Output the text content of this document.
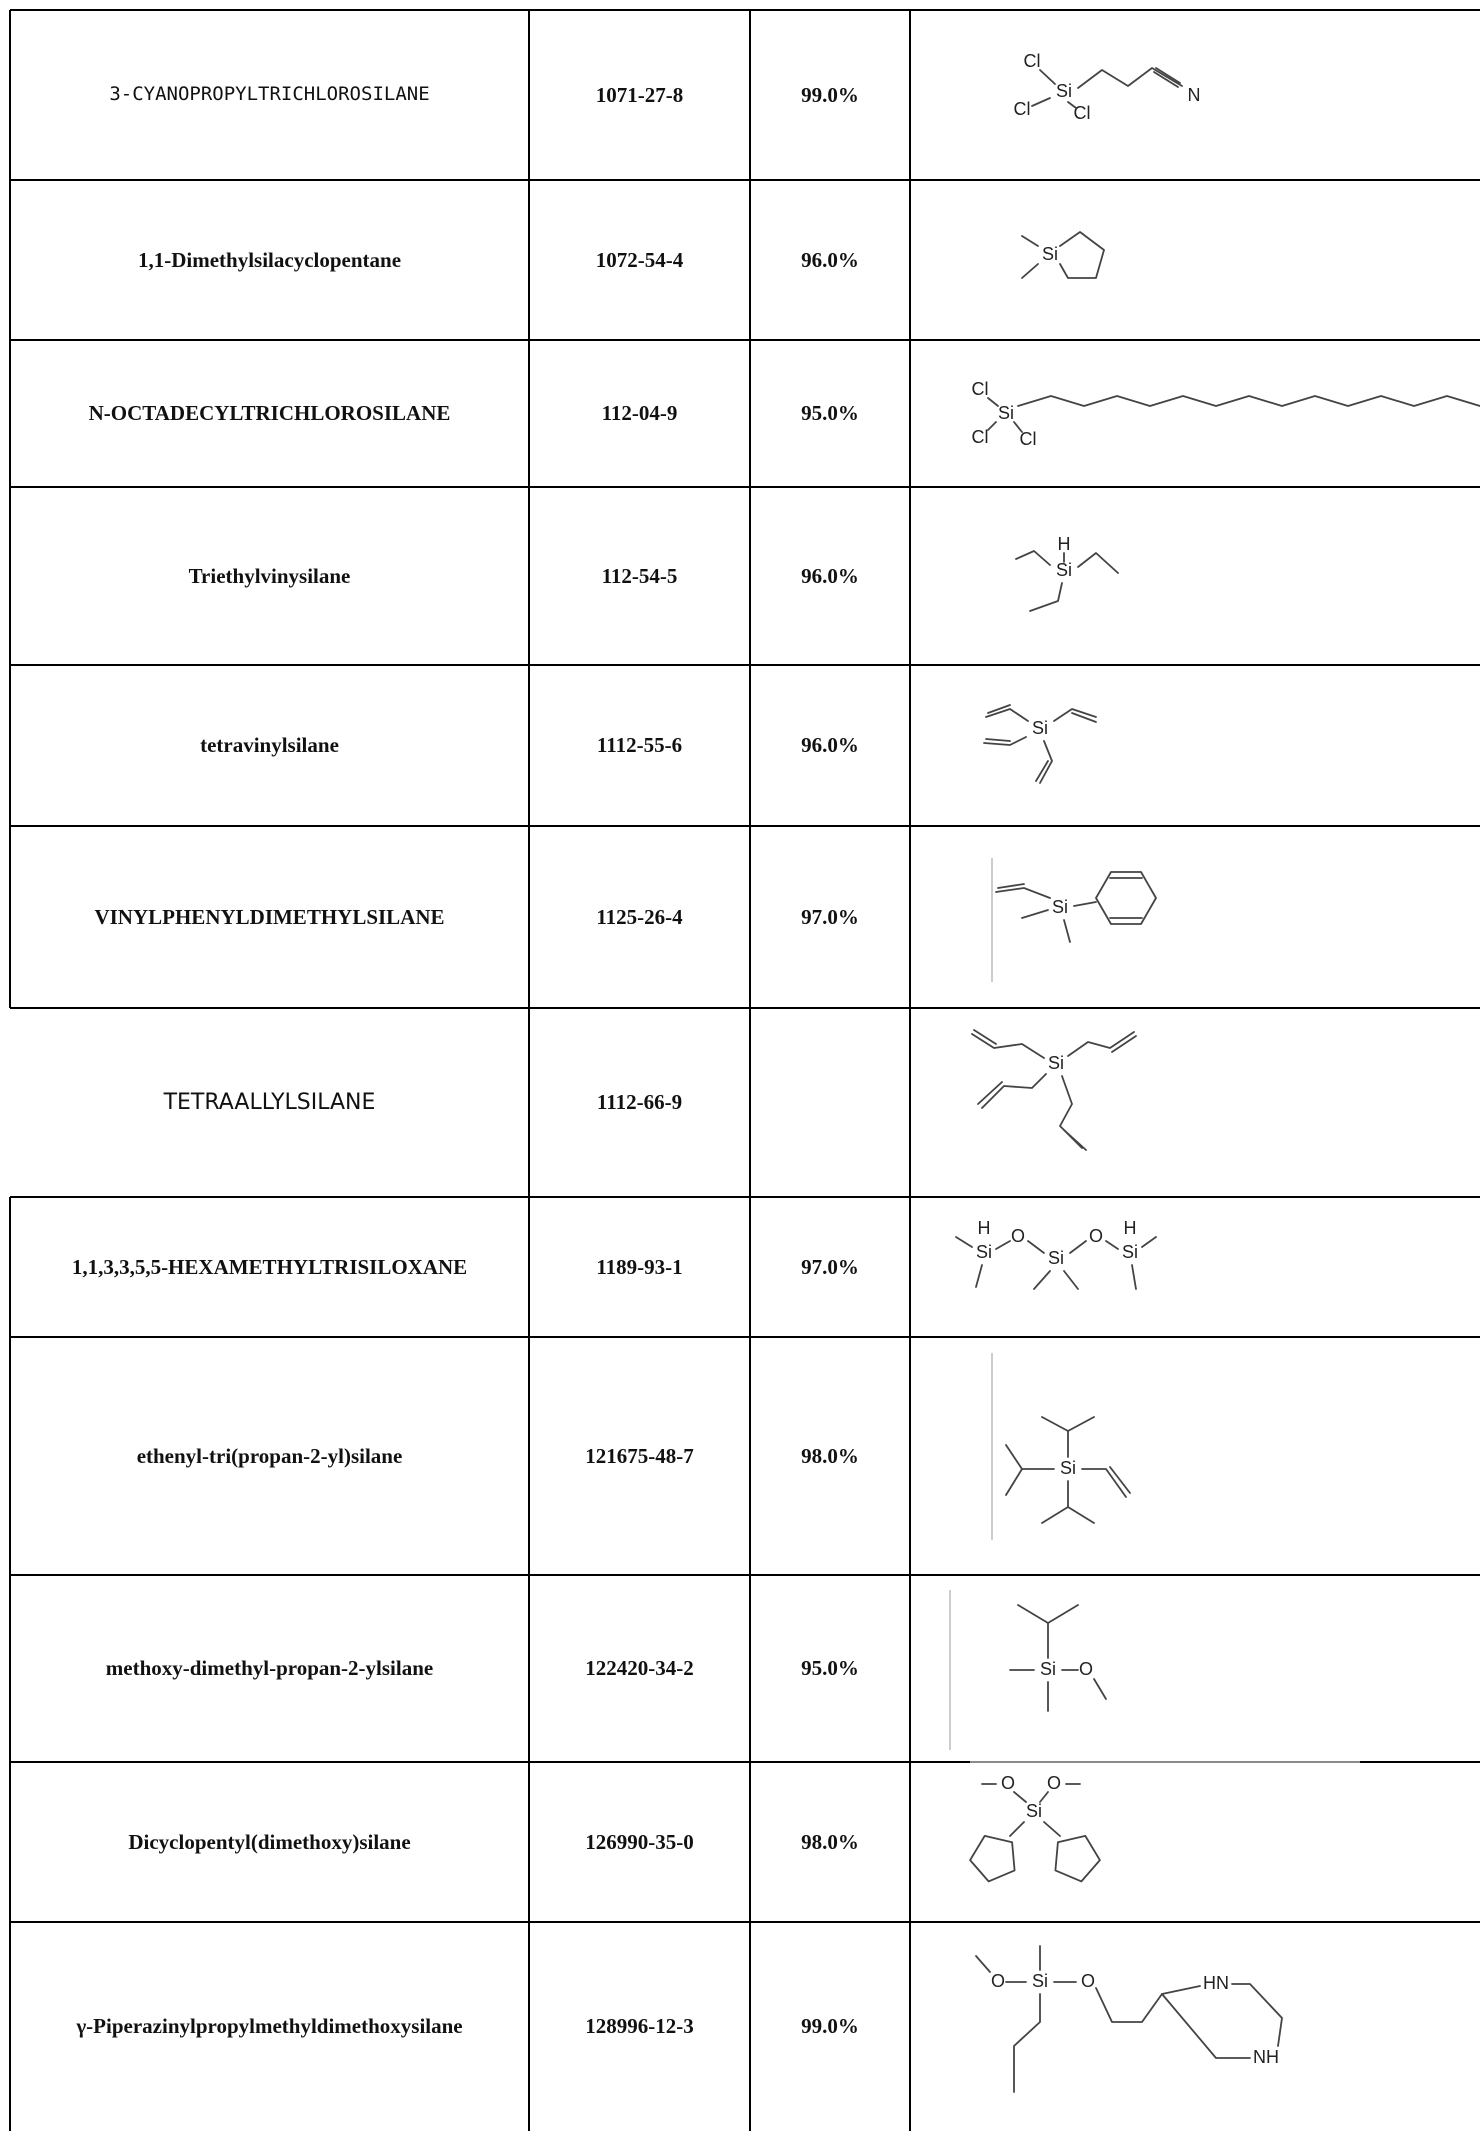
3-CYANOPROPYLTRICHLOROSILANE	1071-27-8	99.0%
Cl
Si
Cl Cl
N
1,1-Dimethylsilacyclopentane	1072-54-4	96.0%	Si
N-OCTADECYLTRICHLOROSILANE	112-04-9	95.0%
Cl
Si
Cl Cl
Triethylvinysilane	112-54-5	96.0%
H
Si
tetravinylsilane	1112-55-6	96.0%
Si
VINYLPHENYLDIMETHYLSILANE	1125-26-4	97.0%	Si
TETRAALLYLSILANE	1112-66-9
Si
1,1,3,3,5,5-HEXAMETHYLTRISILOXANE	1189-93-1	97.0%
H
Si
O
Si
O H
Si
ethenyl-tri(propan-2-yl)silane	121675-48-7	98.0%	Si
methoxy-dimethyl-propan-2-ylsilane	122420-34-2	95.0%	Si O
Dicyclopentyl(dimethoxy)silane	126990-35-0	98.0%
O O
Si
γ-Piperazinylpropylmethyldimethoxysilane	128996-12-3	99.0%
O Si O	HN
NH
